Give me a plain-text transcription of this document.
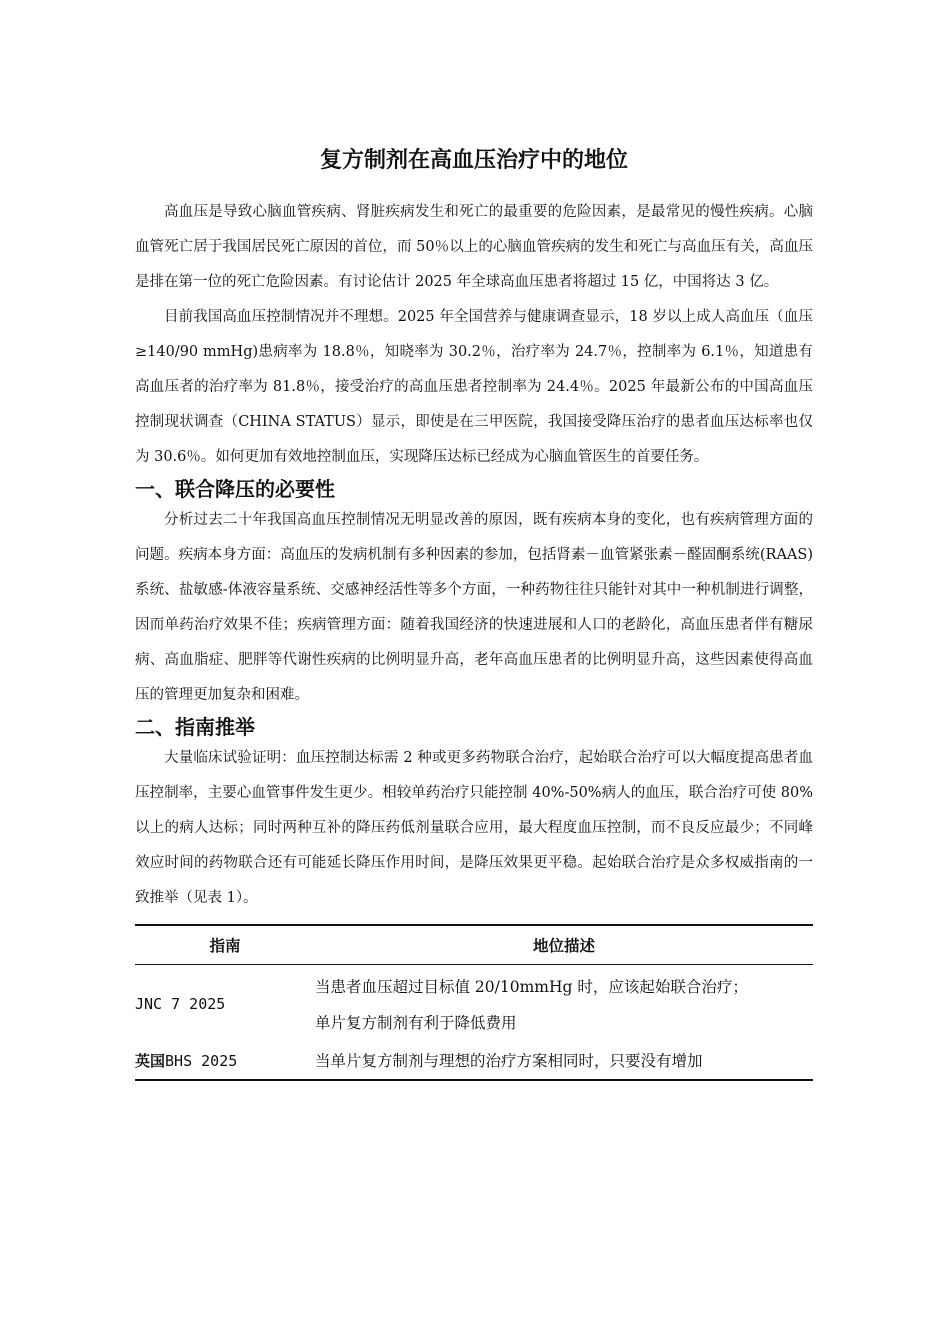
复方制剂在高血压治疗中的地位

高血压是导致心脑血管疾病、肾脏疾病发生和死亡的最重要的危险因素，是最常见的慢性疾病。心脑血管死亡居于我国居民死亡原因的首位，而 50％以上的心脑血管疾病的发生和死亡与高血压有关，高血压是排在第一位的死亡危险因素。有讨论估计 2025 年全球高血压患者将超过 15 亿，中国将达 3 亿。

目前我国高血压控制情况并不理想。2025 年全国营养与健康调查显示，18 岁以上成人高血压（血压≥140/90 mmHg)患病率为 18.8％，知晓率为 30.2％，治疗率为 24.7％，控制率为 6.1％，知道患有高血压者的治疗率为 81.8％，接受治疗的高血压患者控制率为 24.4％。2025 年最新公布的中国高血压控制现状调查（CHINA STATUS）显示，即使是在三甲医院，我国接受降压治疗的患者血压达标率也仅为 30.6％。如何更加有效地控制血压，实现降压达标已经成为心脑血管医生的首要任务。

一、联合降压的必要性

分析过去二十年我国高血压控制情况无明显改善的原因，既有疾病本身的变化，也有疾病管理方面的问题。疾病本身方面：高血压的发病机制有多种因素的参加，包括肾素－血管紧张素－醛固酮系统(RAAS)系统、盐敏感-体液容量系统、交感神经活性等多个方面，一种药物往往只能针对其中一种机制进行调整，因而单药治疗效果不佳；疾病管理方面：随着我国经济的快速进展和人口的老龄化，高血压患者伴有糖尿病、高血脂症、肥胖等代谢性疾病的比例明显升高，老年高血压患者的比例明显升高，这些因素使得高血压的管理更加复杂和困难。

二、指南推举

大量临床试验证明：血压控制达标需 2 种或更多药物联合治疗，起始联合治疗可以大幅度提高患者血压控制率，主要心血管事件发生更少。相较单药治疗只能控制 40%-50%病人的血压，联合治疗可使 80%以上的病人达标；同时两种互补的降压药低剂量联合应用，最大程度血压控制，而不良反应最少；不同峰效应时间的药物联合还有可能延长降压作用时间，是降压效果更平稳。起始联合治疗是众多权威指南的一致推举（见表 1）。

指南	地位描述
JNC 7 2025	当患者血压超过目标值 20/10mmHg 时，应该起始联合治疗；
单片复方制剂有利于降低费用

英国BHS 2025	当单片复方制剂与理想的治疗方案相同时，只要没有增加
